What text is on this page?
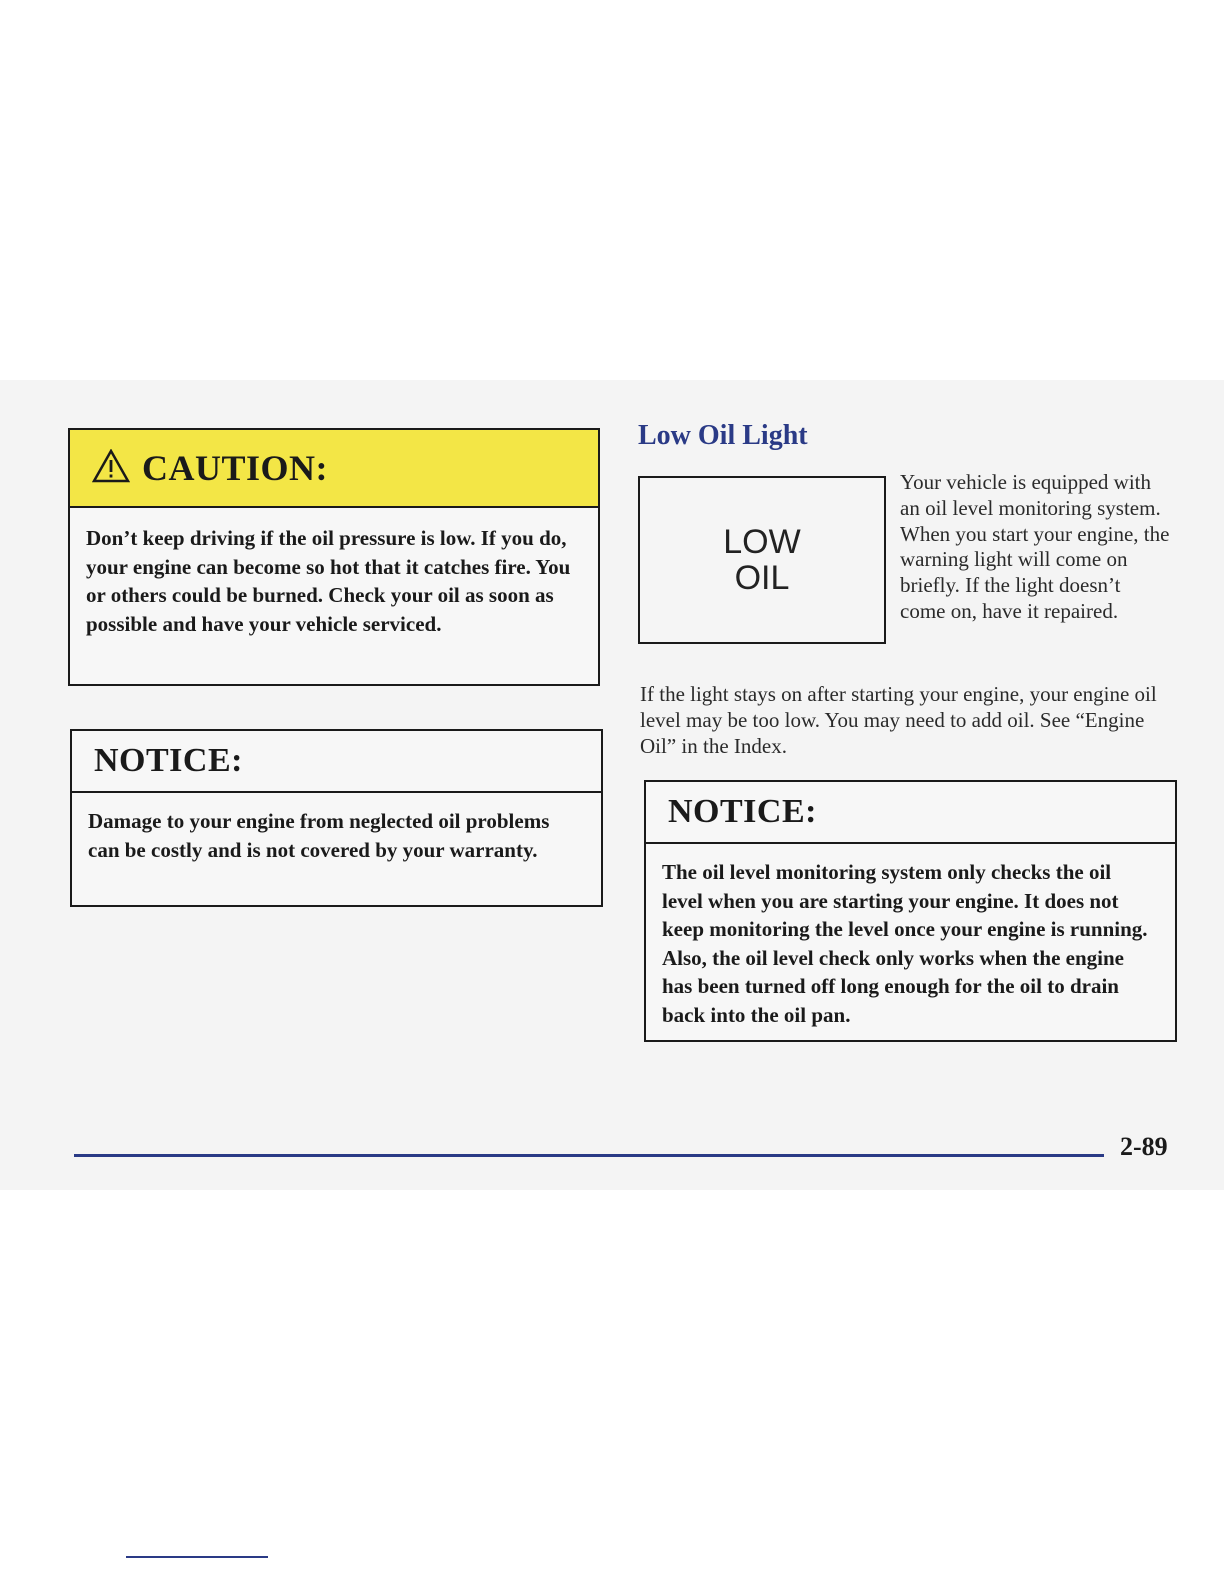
CAUTION:
Don’t keep driving if the oil pressure is low. If you do, your engine can become so hot that it catches fire. You or others could be burned. Check your oil as soon as possible and have your vehicle serviced.
NOTICE:
Damage to your engine from neglected oil problems can be costly and is not covered by your warranty.
Low Oil Light
LOW
OIL
Your vehicle is equipped with an oil level monitoring system. When you start your engine, the warning light will come on briefly. If the light doesn’t come on, have it repaired.
If the light stays on after starting your engine, your engine oil level may be too low. You may need to add oil. See “Engine Oil” in the Index.
NOTICE:
The oil level monitoring system only checks the oil level when you are starting your engine. It does not keep monitoring the level once your engine is running. Also, the oil level check only works when the engine has been turned off long enough for the oil to drain back into the oil pan.
2-89
